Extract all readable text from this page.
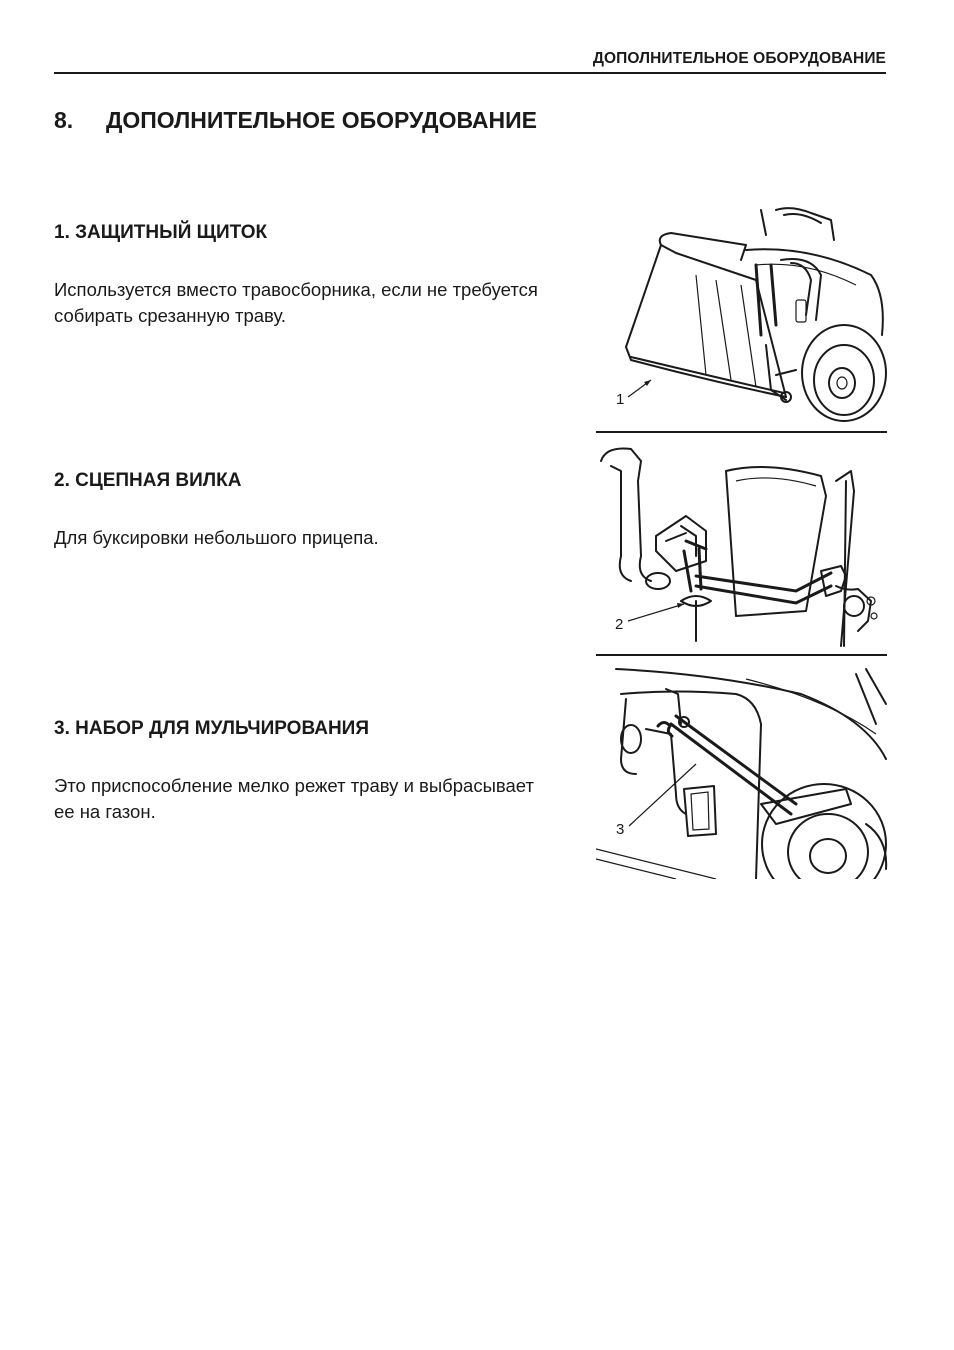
ДОПОЛНИТЕЛЬНОЕ ОБОРУДОВАНИЕ
8.	ДОПОЛНИТЕЛЬНОЕ ОБОРУДОВАНИЕ
1. ЗАЩИТНЫЙ ЩИТОК
Используется вместо травосборника, если не требуется собирать срезанную траву.
1
2. СЦЕПНАЯ ВИЛКА
Для буксировки небольшого прицепа.
2
3. НАБОР ДЛЯ МУЛЬЧИРОВАНИЯ
Это приспособление мелко режет траву и выбрасывает ее на газон.
3
